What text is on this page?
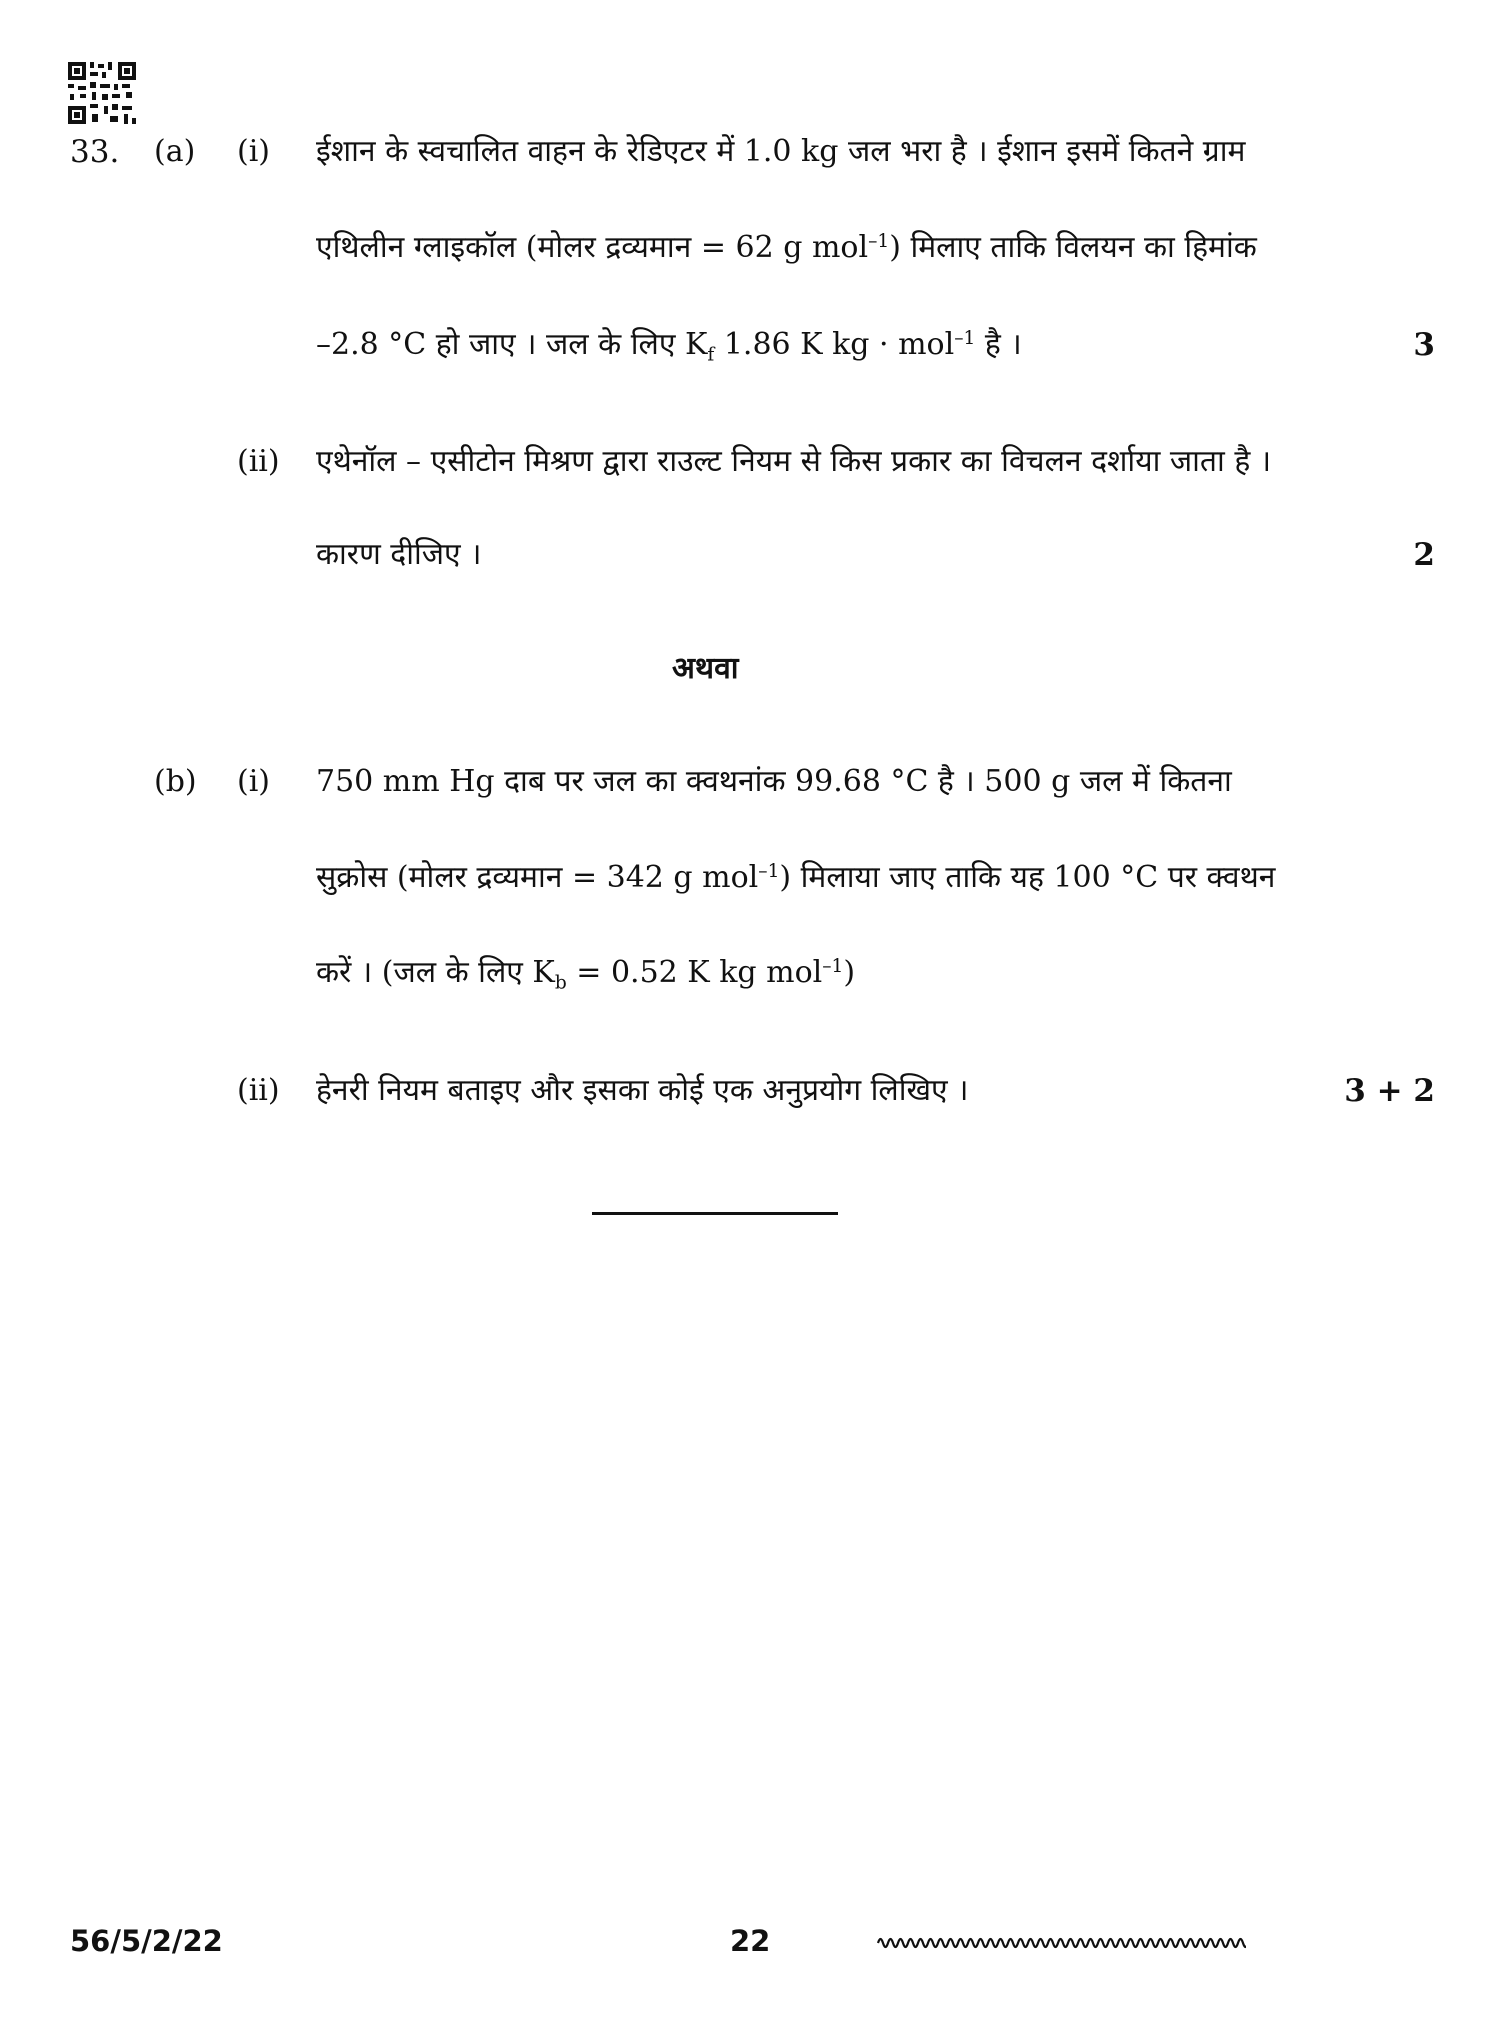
33. (a) (i) ईशान के स्वचालित वाहन के रेडिएटर में 1.0 kg जल भरा है । ईशान इसमें कितने ग्राम
एथिलीन ग्लाइकॉल (मोलर द्रव्यमान = 62 g mol$^{-1}$) मिलाए ताकि विलयन का हिमांक
–2.8 °C हो जाए । जल के लिए $K_f$ 1.86 K kg · mol$^{-1}$ है ।	3
(ii) एथेनॉल – एसीटोन मिश्रण द्वारा राउल्ट नियम से किस प्रकार का विचलन दर्शाया जाता है ।
कारण दीजिए ।	2
अथवा
(b) (i) 750 mm Hg दाब पर जल का क्वथनांक 99.68 °C है । 500 g जल में कितना
सुक्रोस (मोलर द्रव्यमान = 342 g mol$^{-1}$) मिलाया जाए ताकि यह 100 °C पर क्वथन
करें । (जल के लिए $K_b = 0.52$ K kg mol$^{-1}$)
(ii) हेनरी नियम बताइए और इसका कोई एक अनुप्रयोग लिखिए ।	3 + 2
56/5/2/22	22
